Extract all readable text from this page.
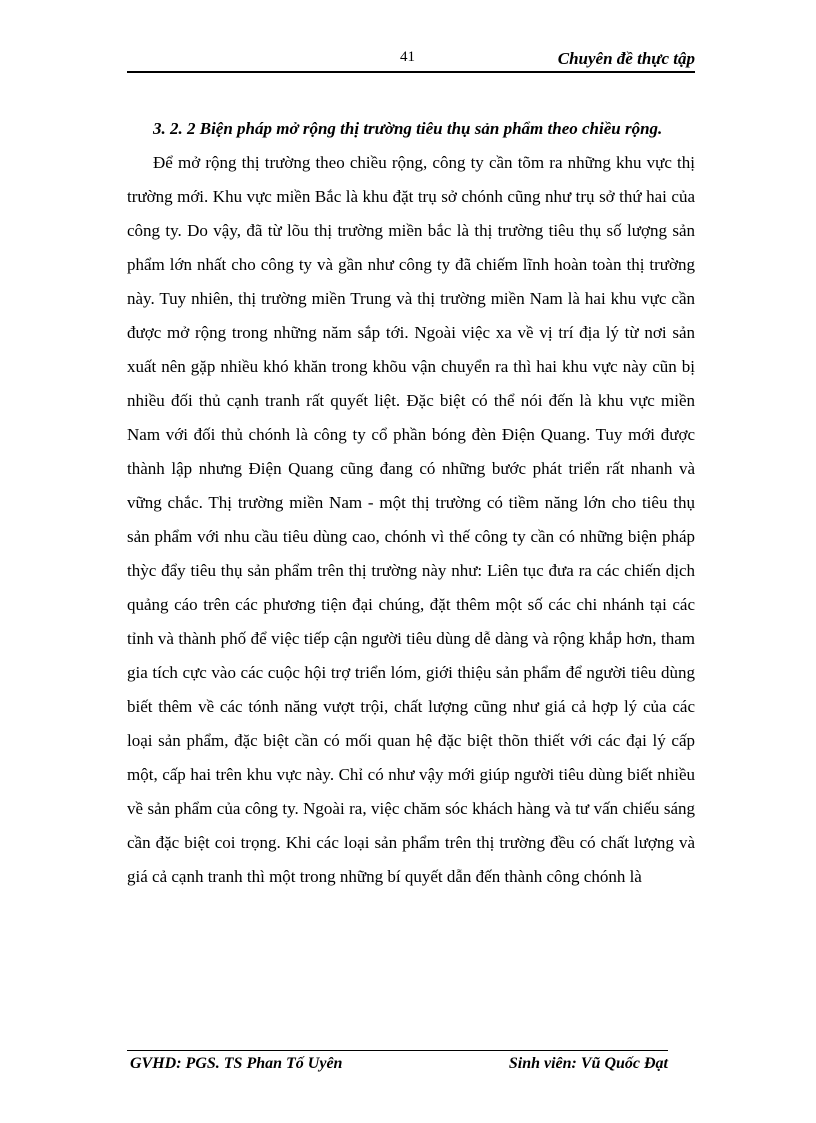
41	Chuyên đề thực tập

3. 2. 2 Biện pháp mở rộng thị trường tiêu thụ sản phẩm theo chiều rộng.

Để mở rộng thị trường theo chiều rộng, công ty cần tõm ra những khu vực thị trường mới. Khu vực miền Bắc là khu đặt trụ sở chónh cũng như trụ sở thứ hai của công ty. Do vậy, đã từ lõu thị trường miền bắc là thị trường tiêu thụ số lượng sản phẩm lớn nhất cho công ty và gần như công ty đã chiếm lĩnh hoàn toàn thị trường này. Tuy nhiên, thị trường miền Trung và thị trường miền Nam là hai khu vực cần được mở rộng trong những năm sắp tới. Ngoài việc xa về vị trí địa lý từ nơi sản xuất nên gặp nhiều khó khăn trong khõu vận chuyển ra thì hai khu vực này cũn bị nhiều đối thủ cạnh tranh rất quyết liệt. Đặc biệt có thể nói đến là khu vực miền Nam với đối thủ chónh là công ty cổ phần bóng đèn Điện Quang. Tuy mới được thành lập nhưng Điện Quang cũng đang có những bước phát triển rất nhanh và vững chắc. Thị trường miền Nam - một thị trường có tiềm năng lớn cho tiêu thụ sản phẩm với nhu cầu tiêu dùng cao, chónh vì thế công ty cần có những biện pháp thỳc đẩy tiêu thụ sản phẩm trên thị trường này như: Liên tục đưa ra các chiến dịch quảng cáo trên các phương tiện đại chúng, đặt thêm một số các chi nhánh tại các tỉnh và thành phố để việc tiếp cận người tiêu dùng dễ dàng và rộng khắp hơn, tham gia tích cực vào các cuộc hội trợ triển lóm, giới thiệu sản phẩm để người tiêu dùng biết thêm về các tónh năng vượt trội, chất lượng cũng như giá cả hợp lý của các loại sản phẩm, đặc biệt cần có mối quan hệ đặc biệt thõn thiết với các đại lý cấp một, cấp hai trên khu vực này. Chỉ có như vậy mới giúp người tiêu dùng biết nhiều về sản phẩm của công ty. Ngoài ra, việc chăm sóc khách hàng và tư vấn chiếu sáng cần đặc biệt coi trọng. Khi các loại sản phẩm trên thị trường đều có chất lượng và giá cả cạnh tranh thì một trong những bí quyết dẫn đến thành công chónh là

GVHD: PGS. TS Phan Tố Uyên	Sinh viên: Vũ Quốc Đạt
